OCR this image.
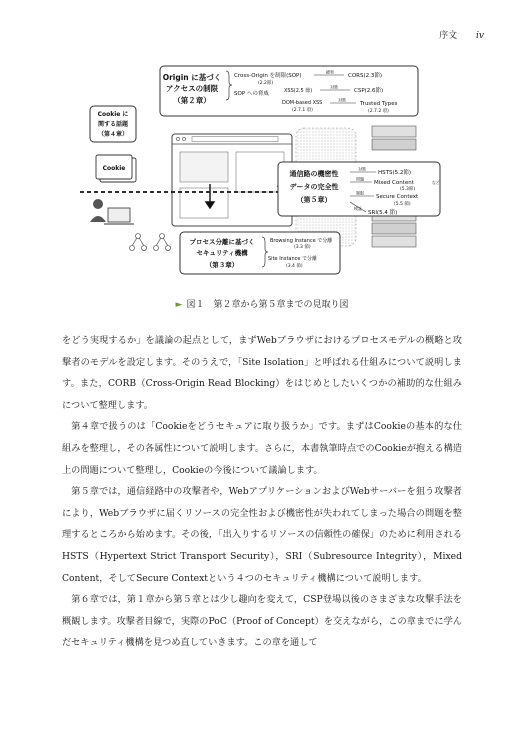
序文 ⅳ
Origin に基づく
アクセスの制限
（第２章）
Cross-Origin を制限(SOP)
(2.2節)
SOP への脅威
緩和
CORS(2.3節)
XSS(2.5 節)
対策
CSP(2.6節)
DOM-based XSS
(2.7.1 項)
対策
Trusted Types
(2.7.2 項)
Cookie に
関する話題
（第４章）
Cookie
通信路の機密性
データの完全性
（第５章）
対策
HSTS(5.2節)
問題
Mixed Content	など
(5.3節)
制限
Secure Context
(5.5 節)
検証
SRI(5.4 節)
プロセス分離に基づく
セキュリティ機構
（第３章）
Browsing Instance で分離
(3.3 節)
Site Instance で分離
(3.4 節)
► 図１　第２章から第５章までの見取り図

をどう実現するか」を議論の起点として，まずWebブラウザにおけるプロセスモデルの概略と攻撃者のモデルを設定します。そのうえで，「Site Isolation」と呼ばれる仕組みについて説明します。また，CORB（Cross-Origin Read Blocking）をはじめとしたいくつかの補助的な仕組みについて整理します。

第４章で扱うのは「Cookieをどうセキュアに取り扱うか」です。まずはCookieの基本的な仕組みを整理し，その各属性について説明します。さらに，本書執筆時点でのCookieが抱える構造上の問題について整理し，Cookieの今後について議論します。

第５章では，通信経路中の攻撃者や，WebアプリケーションおよびWebサーバーを狙う攻撃者により，Webブラウザに届くリソースの完全性および機密性が失われてしまった場合の問題を整理するところから始めます。その後，「出入りするリソースの信頼性の確保」のために利用されるHSTS（Hypertext Strict Transport Security），SRI（Subresource Integrity），Mixed Content，そしてSecure Contextという４つのセキュリティ機構について説明します。

第６章では，第１章から第５章とは少し趣向を変えて，CSP登場以後のさまざまな攻撃手法を概観します。攻撃者目線で，実際のPoC（Proof of Concept）を交えながら，この章までに学んだセキュリティ機構を見つめ直していきます。この章を通して
